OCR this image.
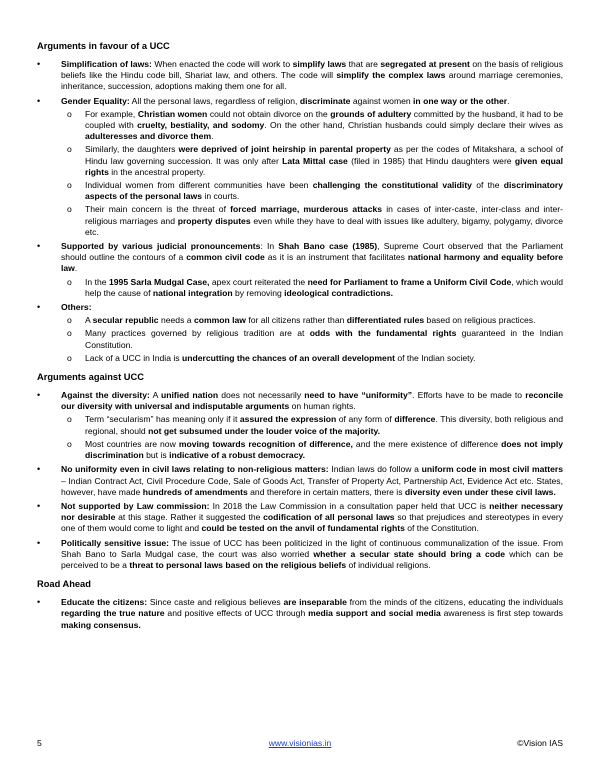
Arguments in favour of a UCC
• Simplification of laws: When enacted the code will work to simplify laws that are segregated at present on the basis of religious beliefs like the Hindu code bill, Shariat law, and others. The code will simplify the complex laws around marriage ceremonies, inheritance, succession, adoptions making them one for all.
• Gender Equality: All the personal laws, regardless of religion, discriminate against women in one way or the other.
o For example, Christian women could not obtain divorce on the grounds of adultery committed by the husband, it had to be coupled with cruelty, bestiality, and sodomy. On the other hand, Christian husbands could simply declare their wives as adulteresses and divorce them.
o Similarly, the daughters were deprived of joint heirship in parental property as per the codes of Mitakshara, a school of Hindu law governing succession. It was only after Lata Mittal case (filed in 1985) that Hindu daughters were given equal rights in the ancestral property.
o Individual women from different communities have been challenging the constitutional validity of the discriminatory aspects of the personal laws in courts.
o Their main concern is the threat of forced marriage, murderous attacks in cases of inter-caste, inter-class and inter-religious marriages and property disputes even while they have to deal with issues like adultery, bigamy, polygamy, divorce etc.
• Supported by various judicial pronouncements: In Shah Bano case (1985), Supreme Court observed that the Parliament should outline the contours of a common civil code as it is an instrument that facilitates national harmony and equality before law.
o In the 1995 Sarla Mudgal Case, apex court reiterated the need for Parliament to frame a Uniform Civil Code, which would help the cause of national integration by removing ideological contradictions.
• Others:
o A secular republic needs a common law for all citizens rather than differentiated rules based on religious practices.
o Many practices governed by religious tradition are at odds with the fundamental rights guaranteed in the Indian Constitution.
o Lack of a UCC in India is undercutting the chances of an overall development of the Indian society.
Arguments against UCC
• Against the diversity: A unified nation does not necessarily need to have “uniformity”. Efforts have to be made to reconcile our diversity with universal and indisputable arguments on human rights.
o Term “secularism” has meaning only if it assured the expression of any form of difference. This diversity, both religious and regional, should not get subsumed under the louder voice of the majority.
o Most countries are now moving towards recognition of difference, and the mere existence of difference does not imply discrimination but is indicative of a robust democracy.
• No uniformity even in civil laws relating to non-religious matters: Indian laws do follow a uniform code in most civil matters – Indian Contract Act, Civil Procedure Code, Sale of Goods Act, Transfer of Property Act, Partnership Act, Evidence Act etc. States, however, have made hundreds of amendments and therefore in certain matters, there is diversity even under these civil laws.
• Not supported by Law commission: In 2018 the Law Commission in a consultation paper held that UCC is neither necessary nor desirable at this stage. Rather it suggested the codification of all personal laws so that prejudices and stereotypes in every one of them would come to light and could be tested on the anvil of fundamental rights of the Constitution.
• Politically sensitive issue: The issue of UCC has been politicized in the light of continuous communalization of the issue. From Shah Bano to Sarla Mudgal case, the court was also worried whether a secular state should bring a code which can be perceived to be a threat to personal laws based on the religious beliefs of individual religions.
Road Ahead
• Educate the citizens: Since caste and religious believes are inseparable from the minds of the citizens, educating the individuals regarding the true nature and positive effects of UCC through media support and social media awareness is first step towards making consensus.
5	www.visionias.in	©Vision IAS
